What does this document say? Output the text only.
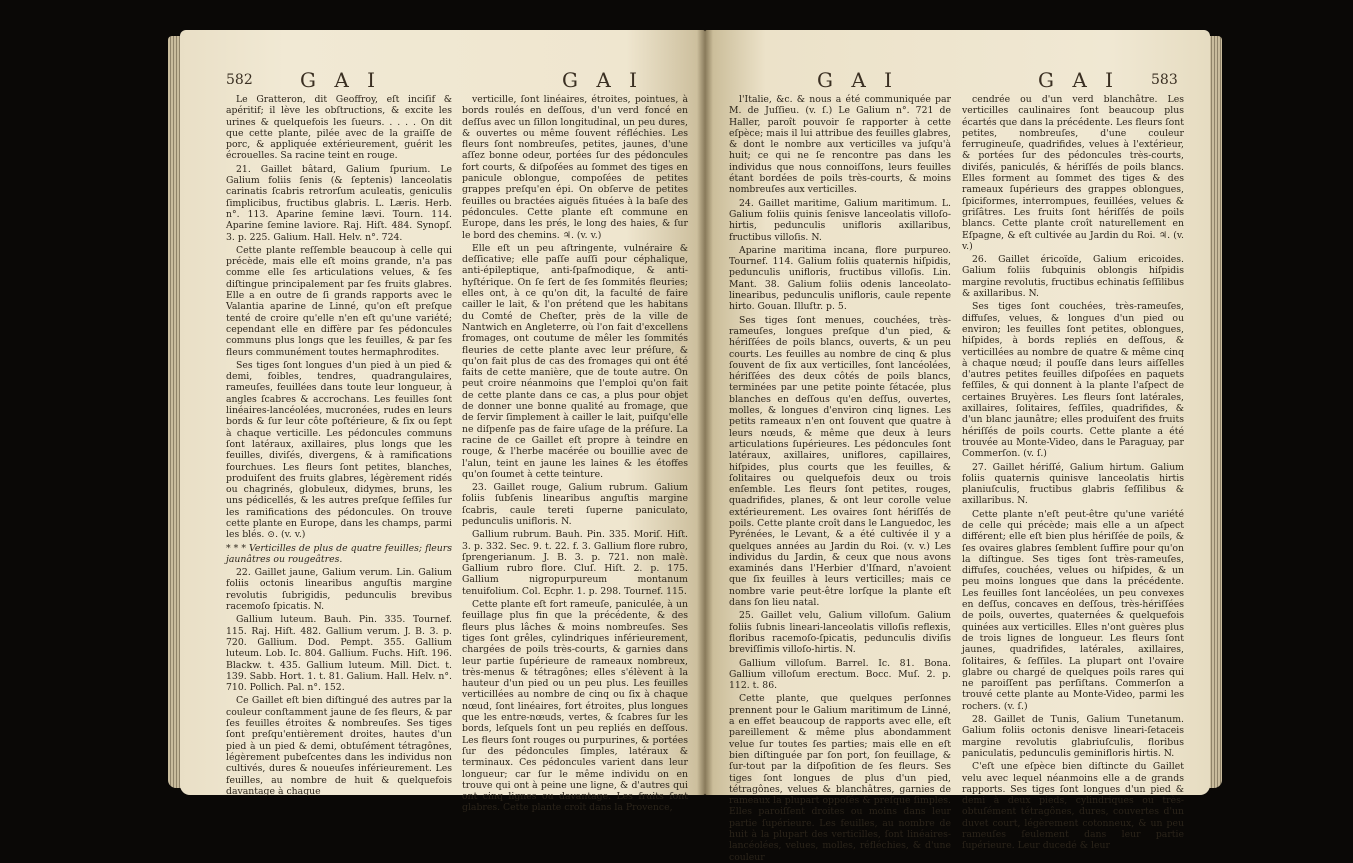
582 G A I	G A I

Le Gratteron, dit Geoffroy, eſt inciſif & apéritif; il lève les obſtructions, & excite les urines & quelquefois les ſueurs. . . . . On dit que cette plante, pilée avec de la graiſſe de porc, & appliquée extérieurement, guérit les écrouelles. Sa racine teint en rouge.

21. Gaillet bâtard, Galium ſpurium. Le Galium foliis ſenis (& ſeptenis) lanceolatis carinatis ſcabris retrorſum aculeatis, geniculis ſimplicibus, fructibus glabris. L. Læris. Herb. n°. 113. Aparine ſemine lævi. Tourn. 114. Aparine ſemine laviore. Raj. Hiſt. 484. Synopſ. 3. p. 225. Galium. Hall. Helv. n°. 724.

Cette plante reſſemble beaucoup à celle qui précède, mais elle eſt moins grande, n'a pas comme elle ſes articulations velues, & ſes diſtingue principalement par ſes fruits glabres. Elle a en outre de ſi grands rapports avec le Valantia aparine de Linné, qu'on eſt preſque tenté de croire qu'elle n'en eſt qu'une variété; cependant elle en diffère par ſes pédoncules communs plus longs que les feuilles, & par ſes fleurs communément toutes hermaphrodites.

Ses tiges ſont longues d'un pied à un pied & demi, foibles, tendres, quadrangulaires, rameuſes, feuillées dans toute leur longueur, à angles ſcabres & accrochans. Les feuilles ſont linéaires-lancéolées, mucronées, rudes en leurs bords & ſur leur côte poſtérieure, & ſix ou ſept à chaque verticille. Les pédoncules communs ſont latéraux, axillaires, plus longs que les feuilles, diviſés, divergens, & à ramifications fourchues. Les fleurs ſont petites, blanches, produiſent des fruits glabres, légèrement ridés ou chagrinés, globuleux, didymes, bruns, les uns pédicellés, & les autres preſque ſeſſiles ſur les ramifications des pédoncules. On trouve cette plante en Europe, dans les champs, parmi les blés. ⊙. (v. v.)

* * * Verticilles de plus de quatre feuilles; fleurs jaunâtres ou rougeâtres.

22. Gaillet jaune, Galium verum. Lin. Galium foliis octonis linearibus anguſtis margine revolutis ſubrigidis, pedunculis brevibus racemoſo ſpicatis. N.

Gallium luteum. Bauh. Pin. 335. Tournef. 115. Raj. Hiſt. 482. Gallium verum. J. B. 3. p. 720. Gallium. Dod. Pempt. 355. Gallium luteum. Lob. Ic. 804. Gallium. Fuchs. Hiſt. 196. Blackw. t. 435. Gallium luteum. Mill. Dict. t. 139. Sabb. Hort. 1. t. 81. Galium. Hall. Helv. n°. 710. Pollich. Pal. n°. 152.

Ce Gaillet eſt bien diſtingué des autres par la couleur conſtamment jaune de ſes fleurs, & par ſes feuilles étroites & nombreuſes. Ses tiges ſont preſqu'entièrement droites, hautes d'un pied à un pied & demi, obtuſément tétragônes, légèrement pubeſcentes dans les individus non cultivés, dures & noueuſes inférieurement. Les feuilles, au nombre de huit & quelquefois davantage à chaque

verticille, ſont linéaires, étroites, pointues, à bords roulés en deſſous, d'un verd foncé en deſſus avec un ſillon longitudinal, un peu dures, & ouvertes ou même ſouvent réfléchies. Les fleurs ſont nombreuſes, petites, jaunes, d'une aſſez bonne odeur, portées ſur des pédoncules fort courts, & diſpoſées au ſommet des tiges en panicule oblongue, compoſées de petites grappes preſqu'en épi. On obſerve de petites feuilles ou bractées aiguës ſituées à la baſe des pédoncules. Cette plante eſt commune en Europe, dans les prés, le long des haies, & ſur le bord des chemins. ♃. (v. v.)

Elle eſt un peu aſtringente, vulnéraire & deſſicative; elle paſſe auſſi pour céphalique, anti-épileptique, anti-ſpaſmodique, & anti-hyſtérique. On ſe ſert de ſes ſommités fleuries; elles ont, à ce qu'on dit, la faculté de faire cailler le lait, & l'on prétend que les habitans du Comté de Cheſter, près de la ville de Nantwich en Angleterre, où l'on fait d'excellens fromages, ont coutume de mêler les ſommités fleuries de cette plante avec leur préſure, & qu'on fait plus de cas des fromages qui ont été faits de cette manière, que de toute autre. On peut croire néanmoins que l'emploi qu'on fait de cette plante dans ce cas, a plus pour objet de donner une bonne qualité au fromage, que de ſervir ſimplement à cailler le lait, puiſqu'elle ne diſpenſe pas de faire uſage de la préſure. La racine de ce Gaillet eſt propre à teindre en rouge, & l'herbe macérée ou bouillie avec de l'alun, teint en jaune les laines & les étoffes qu'on ſoumet à cette teinture.

23. Gaillet rouge, Galium rubrum. Galium foliis ſubſenis linearibus anguſtis margine ſcabris, caule tereti ſuperne paniculato, pedunculis unifloris. N.

Gallium rubrum. Bauh. Pin. 335. Moriſ. Hiſt. 3. p. 332. Sec. 9. t. 22. f. 3. Gallium flore rubro, ſprengerianum. J. B. 3. p. 721. non malè. Gallium rubro flore. Cluſ. Hiſt. 2. p. 175. Gallium nigropurpureum montanum tenuifolium. Col. Ecphr. 1. p. 298. Tournef. 115.

Cette plante eſt fort rameuſe, paniculée, à un feuillage plus fin que la précédente, & des fleurs plus lâches & moins nombreuſes. Ses tiges ſont grêles, cylindriques inférieurement, chargées de poils très-courts, & garnies dans leur partie ſupérieure de rameaux nombreux, très-menus & tétragônes; elles s'élèvent à la hauteur d'un pied ou un peu plus. Les feuilles verticillées au nombre de cinq ou ſix à chaque nœud, ſont linéaires, fort étroites, plus longues que les entre-nœuds, vertes, & ſcabres ſur les bords, leſquels ſont un peu repliés en deſſous. Les fleurs ſont rouges ou purpurines, & portées ſur des pédoncules ſimples, latéraux & terminaux. Ces pédoncules varient dans leur longueur; car ſur le même individu on en trouve qui ont à peine une ligne, & d'autres qui ont cinq lignes ou davantage. Les fruits ſont glabres. Cette plante croît dans la Provence,

G A I	G A I 583

l'Italie, &c. & nous a été communiquée par M. de Juſſieu. (v. ſ.) Le Galium n°. 721 de Haller, paroît pouvoir ſe rapporter à cette eſpèce; mais il lui attribue des feuilles glabres, & dont le nombre aux verticilles va juſqu'à huit; ce qui ne ſe rencontre pas dans les individus que nous connoiſſons, leurs feuilles étant bordées de poils très-courts, & moins nombreuſes aux verticilles.

24. Gaillet maritime, Galium maritimum. L. Galium foliis quinis ſenisve lanceolatis villoſo-hirtis, pedunculis unifloris axillaribus, fructibus villoſis. N.

Aparine maritima incana, flore purpureo. Tournef. 114. Galium foliis quaternis hiſpidis, pedunculis unifloris, fructibus villoſis. Lin. Mant. 38. Galium foliis odenis lanceolato-linearibus, pedunculis unifloris, caule repente hirto. Gouan. Illuſtr. p. 5.

Ses tiges ſont menues, couchées, très-rameuſes, longues preſque d'un pied, & hériſſées de poils blancs, ouverts, & un peu courts. Les feuilles au nombre de cinq & plus ſouvent de ſix aux verticilles, ſont lancéolées, hériſſées des deux côtés de poils blancs, terminées par une petite pointe ſétacée, plus blanches en deſſous qu'en deſſus, ouvertes, molles, & longues d'environ cinq lignes. Les petits rameaux n'en ont ſouvent que quatre à leurs nœuds, & même que deux à leurs articulations ſupérieures. Les pédoncules ſont latéraux, axillaires, uniflores, capillaires, hiſpides, plus courts que les feuilles, & ſolitaires ou quelquefois deux ou trois enſemble. Les fleurs ſont petites, rouges, quadrifides, planes, & ont leur corolle velue extérieurement. Les ovaires ſont hériſſés de poils. Cette plante croît dans le Languedoc, les Pyrénées, le Levant, & a été cultivée il y a quelques années au Jardin du Roi. (v. v.) Les individus du Jardin, & ceux que nous avons examinés dans l'Herbier d'Iſnard, n'avoient que ſix feuilles à leurs verticilles; mais ce nombre varie peut-être lorſque la plante eſt dans ſon lieu natal.

25. Gaillet velu, Galium villoſum. Galium foliis ſubnis lineari-lanceolatis villoſis reflexis, floribus racemoſo-ſpicatis, pedunculis diviſis breviſſimis villoſo-hirtis. N.

Gallium villoſum. Barrel. Ic. 81. Bona. Gallium villoſum erectum. Bocc. Muſ. 2. p. 112. t. 86.

Cette plante, que quelques perſonnes prennent pour le Galium maritimum de Linné, a en effet beaucoup de rapports avec elle, eſt pareillement & même plus abondamment velue ſur toutes ſes parties; mais elle en eſt bien diſtinguée par ſon port, ſon feuillage, & ſur-tout par la diſpoſition de ſes fleurs. Ses tiges ſont longues de plus d'un pied, tétragônes, velues & blanchâtres, garnies de rameaux la plupart oppoſés & preſque ſimples. Elles paroiſſent droites ou moins dans leur partie ſupérieure. Les feuilles, au nombre de huit à la plupart des verticilles, ſont linéaires-lancéolées, velues, molles, réfléchies, & d'une couleur

cendrée ou d'un verd blanchâtre. Les verticilles caulinaires ſont beaucoup plus écartés que dans la précédente. Les fleurs ſont petites, nombreuſes, d'une couleur ferrugineuſe, quadrifides, velues à l'extérieur, & portées ſur des pédoncules très-courts, diviſés, paniculés, & hériſſés de poils blancs. Elles forment au ſommet des tiges & des rameaux ſupérieurs des grappes oblongues, ſpiciformes, interrompues, feuillées, velues & griſâtres. Les fruits ſont hériſſés de poils blancs. Cette plante croît naturellement en Eſpagne, & eſt cultivée au Jardin du Roi. ♃. (v. v.)

26. Gaillet éricoïde, Galium ericoides. Galium foliis ſubquinis oblongis hiſpidis margine revolutis, fructibus echinatis ſeſſilibus & axillaribus. N.

Ses tiges ſont couchées, très-rameuſes, diffuſes, velues, & longues d'un pied ou environ; les feuilles ſont petites, oblongues, hiſpides, à bords repliés en deſſous, & verticillées au nombre de quatre & même cinq à chaque nœud; il pouſſe dans leurs aiſſelles d'autres petites feuilles diſpoſées en paquets feſſiles, & qui donnent à la plante l'aſpect de certaines Bruyères. Les fleurs ſont latérales, axillaires, ſolitaires, ſeſſiles, quadrifides, & d'un blanc jaunâtre; elles produiſent des fruits hériſſés de poils courts. Cette plante a été trouvée au Monte-Video, dans le Paraguay, par Commerſon. (v. ſ.)

27. Gaillet hériſſé, Galium hirtum. Galium foliis quaternis quinisve lanceolatis hirtis planiuſculis, fructibus glabris ſeſſilibus & axillaribus. N.

Cette plante n'eſt peut-être qu'une variété de celle qui précède; mais elle a un aſpect différent; elle eſt bien plus hériſſée de poils, & ſes ovaires glabres ſemblent ſuffire pour qu'on la diſtingue. Ses tiges ſont très-rameuſes, diffuſes, couchées, velues ou hiſpides, & un peu moins longues que dans la précédente. Les feuilles ſont lancéolées, un peu convexes en deſſus, concaves en deſſous, très-hériſſées de poils, ouvertes, quaternées & quelquefois quinées aux verticilles. Elles n'ont guères plus de trois lignes de longueur. Les fleurs ſont jaunes, quadrifides, latérales, axillaires, ſolitaires, & ſeſſiles. La plupart ont l'ovaire glabre ou chargé de quelques poils rares qui ne paroiſſent pas perſiſtans. Commerſon a trouvé cette plante au Monte-Video, parmi les rochers. (v. ſ.)

28. Gaillet de Tunis, Galium Tunetanum. Galium foliis octonis denisve lineari-ſetaceis margine revolutis glabriuſculis, floribus paniculatis, pedunculis geminifloris hirtis. N.

C'eſt une eſpèce bien diſtincte du Gaillet velu avec lequel néanmoins elle a de grands rapports. Ses tiges ſont longues d'un pied & demi à deux pieds, cylindriques ou très-obtuſément tétragônes, dures, couvertes d'un duvet court, légèrement cotonneux, & un peu rameuſes ſeulement dans leur partie ſupérieure. Leur ducedé & leur
